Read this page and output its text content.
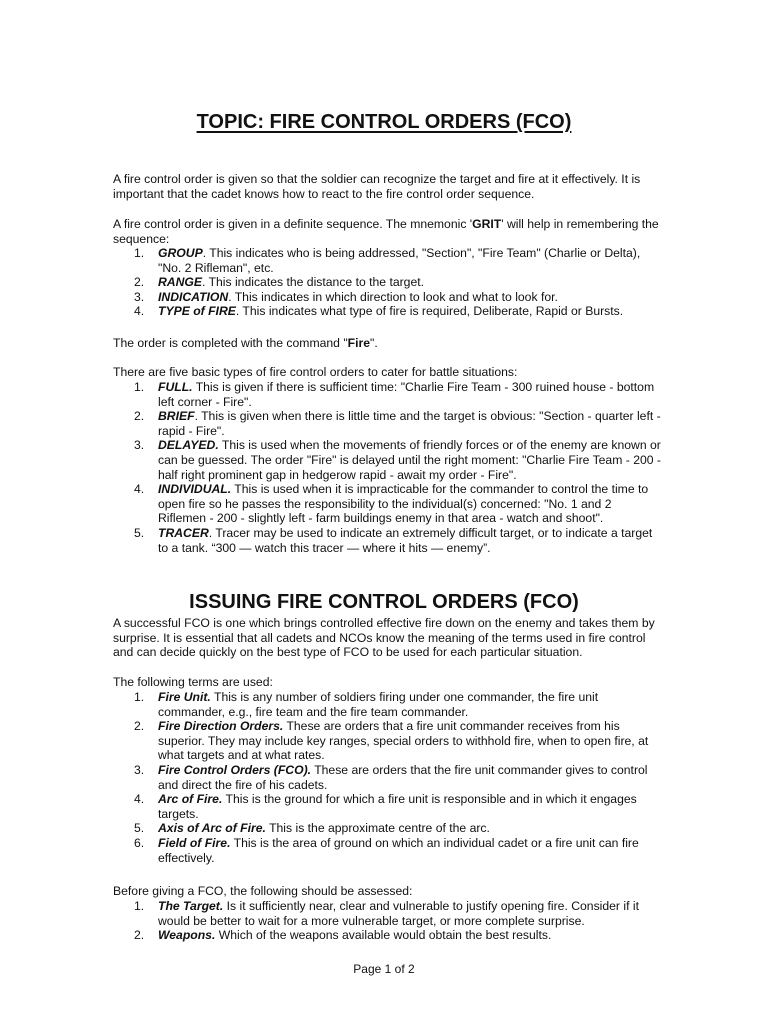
TOPIC: FIRE CONTROL ORDERS (FCO)

A fire control order is given so that the soldier can recognize the target and fire at it effectively. It is important that the cadet knows how to react to the fire control order sequence.

A fire control order is given in a definite sequence. The mnemonic 'GRIT' will help in remembering the sequence:

1. GROUP. This indicates who is being addressed, "Section", "Fire Team" (Charlie or Delta), "No. 2 Rifleman", etc.
2. RANGE. This indicates the distance to the target.
3. INDICATION. This indicates in which direction to look and what to look for.
4. TYPE of FIRE. This indicates what type of fire is required, Deliberate, Rapid or Bursts.

The order is completed with the command "Fire".

There are five basic types of fire control orders to cater for battle situations:

1. FULL. This is given if there is sufficient time: "Charlie Fire Team - 300 ruined house - bottom left corner - Fire".
2. BRIEF. This is given when there is little time and the target is obvious: "Section - quarter left - rapid - Fire".
3. DELAYED. This is used when the movements of friendly forces or of the enemy are known or can be guessed. The order "Fire" is delayed until the right moment: "Charlie Fire Team - 200 - half right prominent gap in hedgerow rapid - await my order - Fire".
4. INDIVIDUAL. This is used when it is impracticable for the commander to control the time to open fire so he passes the responsibility to the individual(s) concerned: "No. 1 and 2 Riflemen - 200 - slightly left - farm buildings enemy in that area - watch and shoot".
5. TRACER. Tracer may be used to indicate an extremely difficult target, or to indicate a target to a tank. “300 — watch this tracer — where it hits — enemy”.
ISSUING FIRE CONTROL ORDERS (FCO)

A successful FCO is one which brings controlled effective fire down on the enemy and takes them by surprise. It is essential that all cadets and NCOs know the meaning of the terms used in fire control and can decide quickly on the best type of FCO to be used for each particular situation.

The following terms are used:

1. Fire Unit. This is any number of soldiers firing under one commander, the fire unit commander, e.g., fire team and the fire team commander.
2. Fire Direction Orders. These are orders that a fire unit commander receives from his superior. They may include key ranges, special orders to withhold fire, when to open fire, at what targets and at what rates.
3. Fire Control Orders (FCO). These are orders that the fire unit commander gives to control and direct the fire of his cadets.
4. Arc of Fire. This is the ground for which a fire unit is responsible and in which it engages targets.
5. Axis of Arc of Fire. This is the approximate centre of the arc.
6. Field of Fire. This is the area of ground on which an individual cadet or a fire unit can fire effectively.

Before giving a FCO, the following should be assessed:

1. The Target. Is it sufficiently near, clear and vulnerable to justify opening fire. Consider if it would be better to wait for a more vulnerable target, or more complete surprise.
2. Weapons. Which of the weapons available would obtain the best results.
Page 1 of 2
